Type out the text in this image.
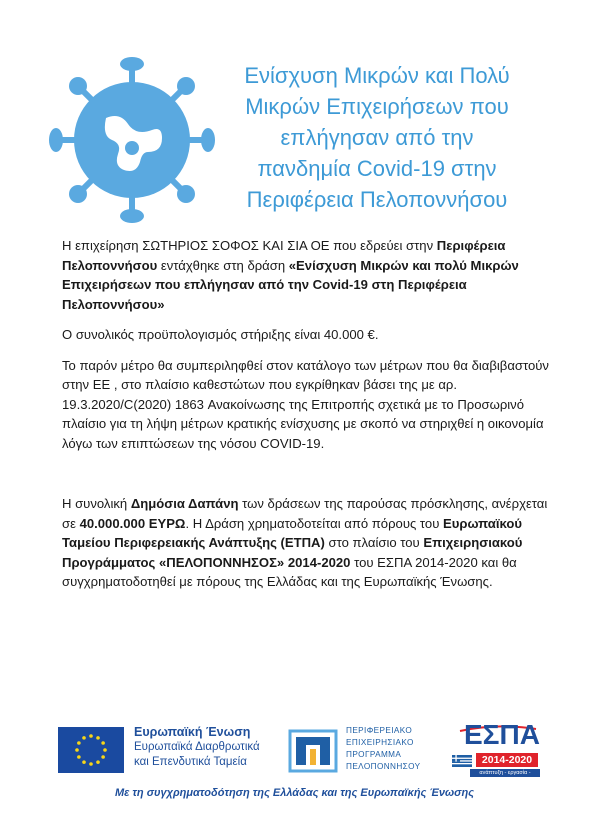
Ενίσχυση Μικρών και Πολύ
Μικρών Επιχειρήσεων που
επλήγησαν από την
πανδημία Covid-19 στην
Περιφέρεια Πελοποννήσου

Η επιχείρηση ΣΩΤΗΡΙΟΣ ΣΟΦΟΣ ΚΑΙ ΣΙΑ ΟΕ που εδρεύει στην Περιφέρεια Πελοποννήσου εντάχθηκε στη δράση «Ενίσχυση Μικρών και πολύ Μικρών Επιχειρήσεων που επλήγησαν από την Covid-19 στη Περιφέρεια Πελοποννήσου»

Ο συνολικός προϋπολογισμός στήριξης είναι 40.000 €.

Το παρόν μέτρο θα συμπεριληφθεί στον κατάλογο των μέτρων που θα διαβιβαστούν στην ΕΕ , στο πλαίσιο καθεστώτων που εγκρίθηκαν βάσει της με αρ. 19.3.2020/C(2020) 1863 Ανακοίνωσης της Επιτροπής σχετικά με το Προσωρινό πλαίσιο για τη λήψη μέτρων κρατικής ενίσχυσης με σκοπό να στηριχθεί η οικονομία λόγω των επιπτώσεων της νόσου COVID-19.

Η συνολική Δημόσια Δαπάνη των δράσεων της παρούσας πρόσκλησης, ανέρχεται σε 40.000.000 ΕΥΡΩ. Η Δράση χρηματοδοτείται από πόρους του Ευρωπαϊκού Ταμείου Περιφερειακής Ανάπτυξης (ΕΤΠΑ) στο πλαίσιο του Επιχειρησιακού Προγράμματος «ΠΕΛΟΠΟΝΝΗΣΟΣ» 2014-2020 του ΕΣΠΑ 2014-2020 και θα συγχρηματοδοτηθεί με πόρους της Ελλάδας και της Ευρωπαϊκής Ένωσης.

Ευρωπαϊκή Ένωση
Ευρωπαϊκά Διαρθρωτικά
και Επενδυτικά Ταμεία
ΠΕΡΙΦΕΡΕΙΑΚΟ
ΕΠΙΧΕΙΡΗΣΙΑΚΟ
ΠΡΟΓΡΑΜΜΑ
ΠΕΛΟΠΟΝΝΗΣΟΥ
ΕΣΠΑ
2014-2020
ανάπτυξη - εργασία - αλληλεγγύη
Με τη συγχρηματοδότηση της Ελλάδας και της Ευρωπαϊκής Ένωσης
